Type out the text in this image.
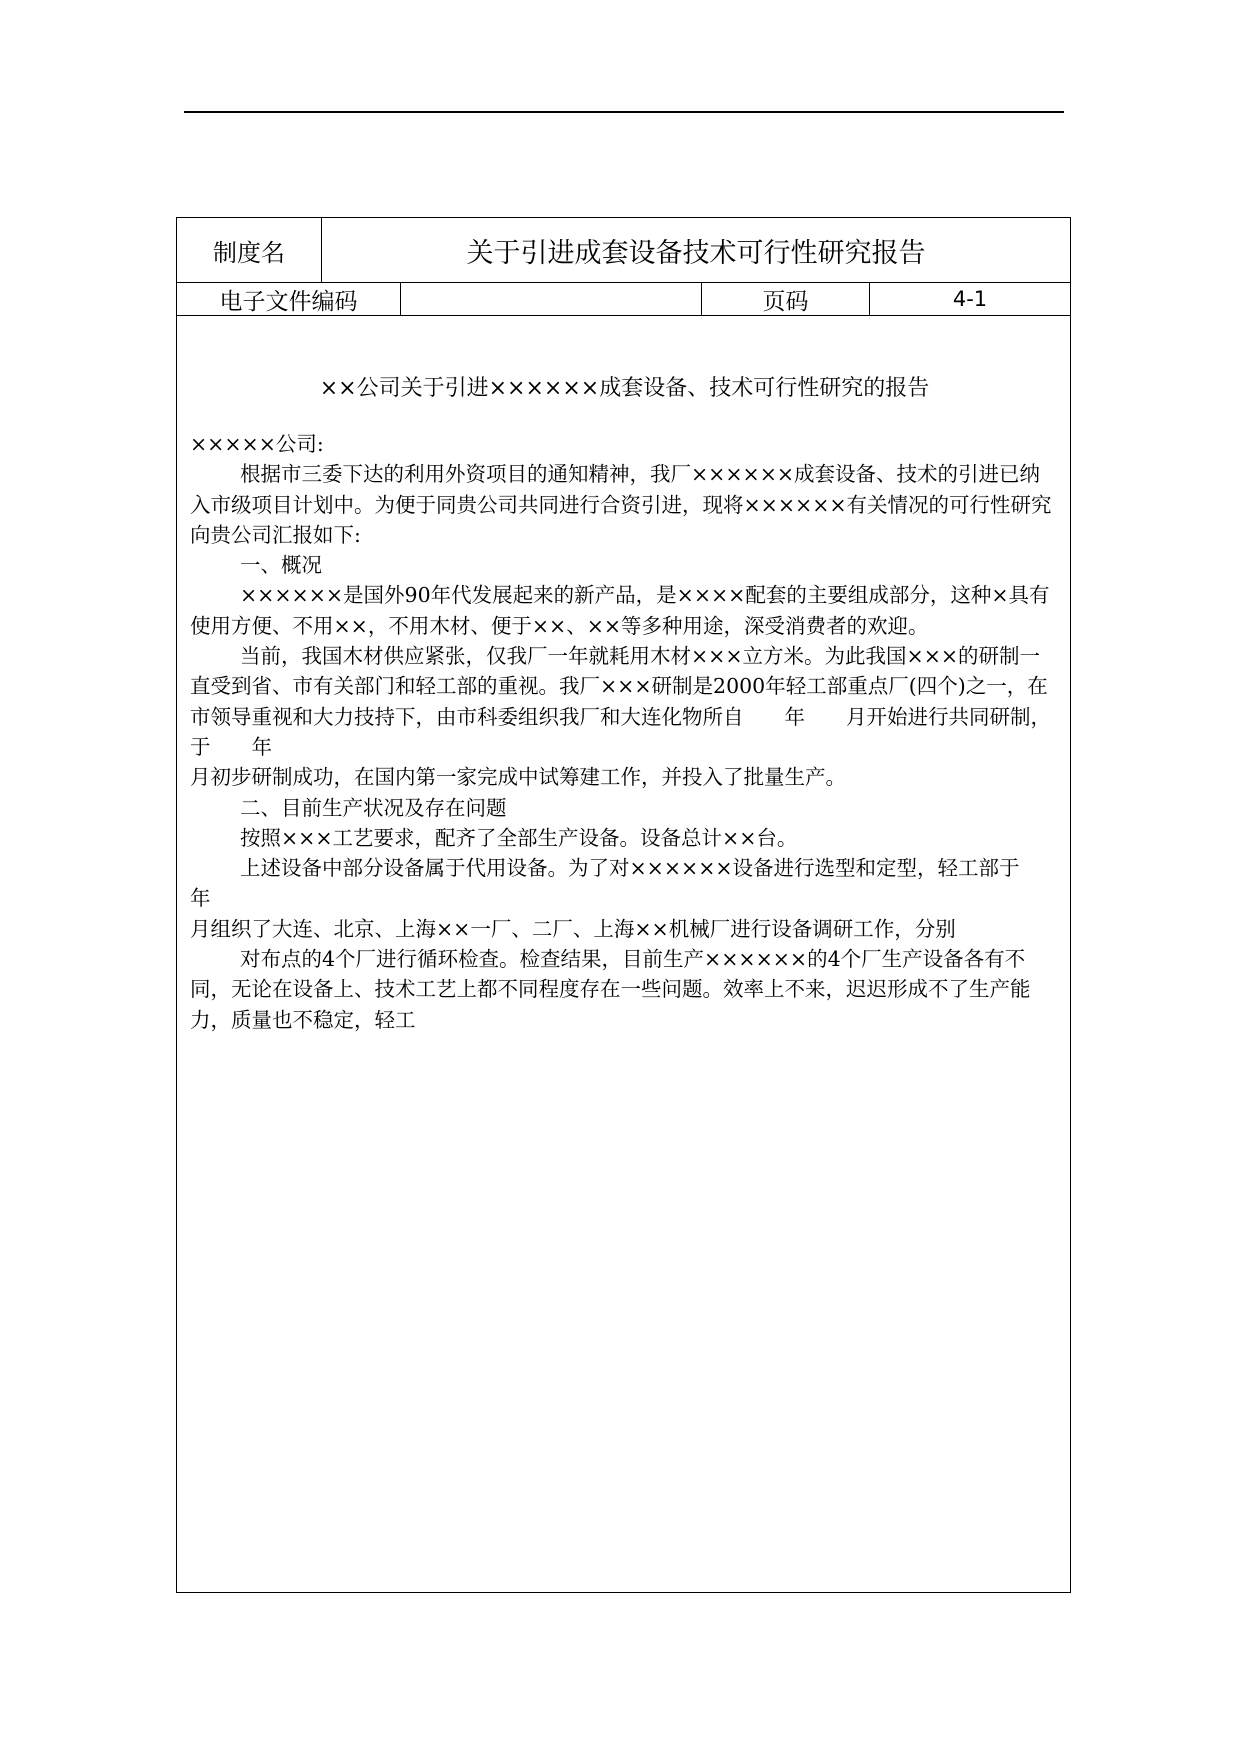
制度名	关于引进成套设备技术可行性研究报告
电子文件编码	页码	4-1
××公司关于引进××××××成套设备、技术可行性研究的报告

×××××公司:

根据市三委下达的利用外资项目的通知精神，我厂××××××成套设备、技术的引进已纳入市级项目计划中。为便于同贵公司共同进行合资引进，现将××××××有关情况的可行性研究向贵公司汇报如下:

一、概况

××××××是国外90年代发展起来的新产品，是××××配套的主要组成部分，这种×具有使用方便、不用××，不用木材、便于××、××等多种用途，深受消费者的欢迎。

当前，我国木材供应紧张，仅我厂一年就耗用木材×××立方米。为此我国×××的研制一直受到省、市有关部门和轻工部的重视。我厂×××研制是2000年轻工部重点厂(四个)之一，在市领导重视和大力技持下，由市科委组织我厂和大连化物所自　　年　　月开始进行共同研制，于　　年

月初步研制成功，在国内第一家完成中试筹建工作，并投入了批量生产。

二、目前生产状况及存在问题

按照×××工艺要求，配齐了全部生产设备。设备总计××台。

上述设备中部分设备属于代用设备。为了对××××××设备进行选型和定型，轻工部于　　年

月组织了大连、北京、上海××一厂、二厂、上海××机械厂进行设备调研工作，分别

对布点的4个厂进行循环检查。检查结果，目前生产××××××的4个厂生产设备各有不同，无论在设备上、技术工艺上都不同程度存在一些问题。效率上不来，迟迟形成不了生产能力，质量也不稳定，轻工
